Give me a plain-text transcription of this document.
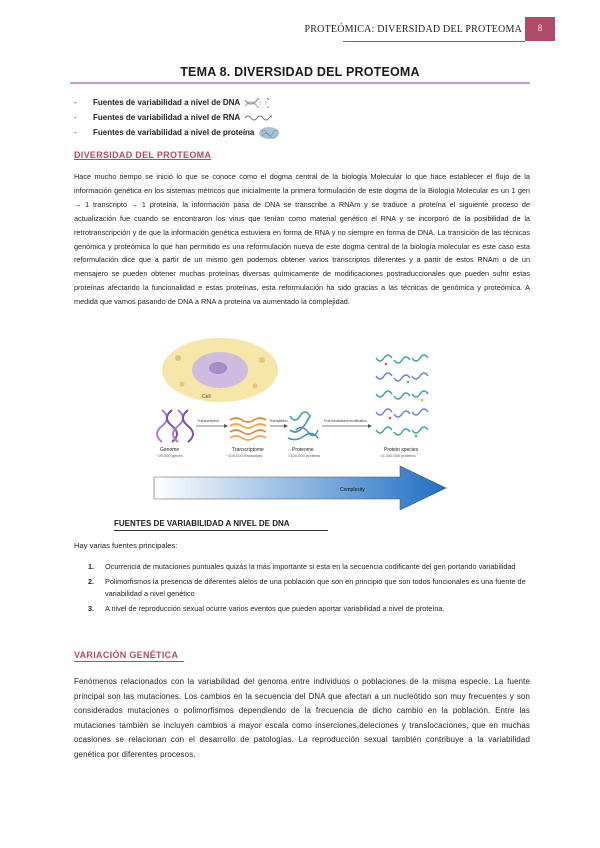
PROTEÓMICA: DIVERSIDAD DEL PROTEOMA	8
TEMA 8. DIVERSIDAD DEL PROTEOMA
-	Fuentes de variabilidad a nivel de DNA
-	Fuentes de variabilidad a nivel de RNA
-	Fuentes de variabilidad a nivel de proteína
DIVERSIDAD DEL PROTEOMA
Hace mucho tiempo se inició lo que se conoce como el dogma central de la biología Molecular lo que hace establecer el flujo de la información genética en los sistemas métricos que inicialmente la primera formulación de este dogma de la Biología Molecular es un 1 gen → 1 transcripto → 1 proteína, la información pasa de DNA se transcribe a RNAm y se traduce a proteína el siguiente proceso de actualización fue cuando se encontraron los virus que tenían como material genético el RNA y se incorporó de la posibilidad de la retrotranscripción y de que la información genética estuviera en forma de RNA y no siempre en forma de DNA. La transición de las técnicas genómica y proteómica lo que han permitido es una reformulación nueva de este dogma central de la biología molecular es este caso esta reformulación dice que a partir de un mismo gen podemos obtener varios transcriptos diferentes y a partir de estos RNAm o de un mensajero se pueden obtener muchas proteínas diversas químicamente de modificaciones postraduccionales que pueden sufrir estas proteínas afectando la funcionalidad e estas proteínas, esta reformulación ha sido gracias a las técnicas de genómica y proteómica. A medida que vamos pasando de DNA a RNA a proteína va aumentado la complejidad.
Cell
Transcription	Translation	Post-translational modification
Genome
~25,000 genes
Transcriptome
~100,000 transcripts
Proteome
>100,000 proteins
Protein species
>1,000,000 proteins
Complexity
FUENTES DE VARIABILIDAD A NIVEL DE DNA
Hay varias fuentes principales:
1.	Ocurrencia de mutaciones puntuales quizás la más importante si esta en la secuencia codificante del gen portando variabilidad
2.	Polimorfismos la presencia de diferentes alelos de una población que son en principio que son todos funcionales es una fuente de variabilidad a nivel genético
3.	A nivel de reproducción sexual ocurre varios eventos que pueden aportar variabilidad a nivel de proteína.
VARIACIÓN GENÉTICA
Fenómenos relacionados con la variabilidad del genoma entre individuos o poblaciones de la misma especie. La fuente principal son las mutaciones. Los cambios en la secuencia del DNA que afectan a un nucleótido son muy frecuentes y son considerados mutaciones o polimorfismos dependiendo de la frecuencia de dicho cambio en la población. Entre las mutaciones también se incluyen cambios a mayor escala como inserciones,deleciones y translocaciones, que en muchas ocasiones se relacionan con el desarrollo de patologías. La reproducción sexual también contribuye a la variabilidad genética por diferentes procesos.
